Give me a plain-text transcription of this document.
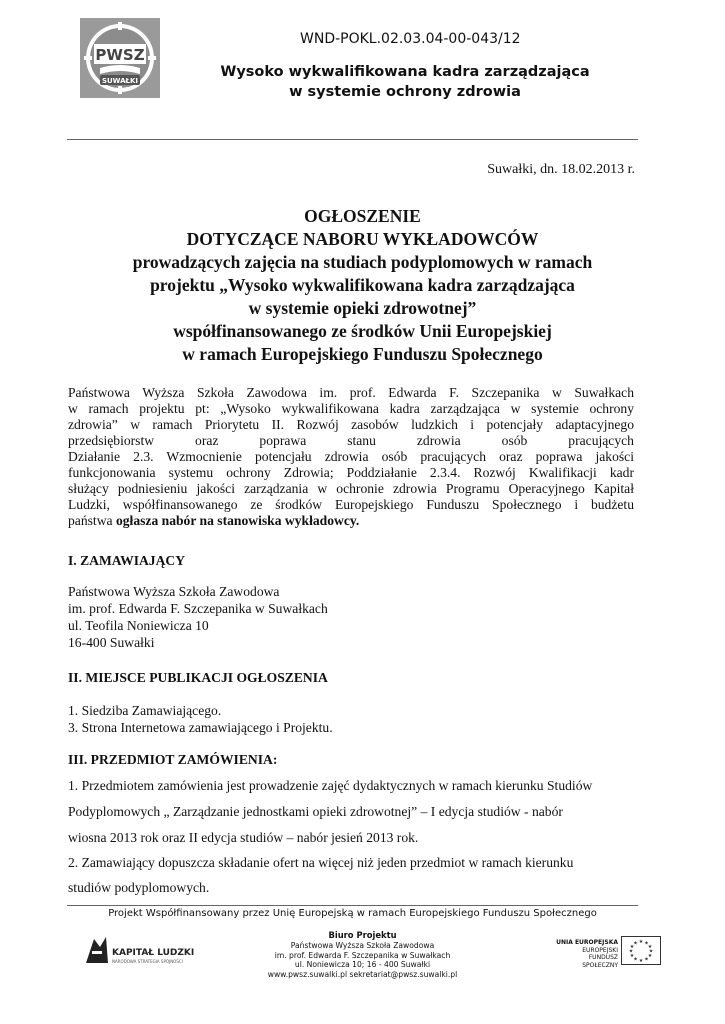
PWSZ
SUWAŁKI
WND-POKL.02.03.04-00-043/12
Wysoko wykwalifikowana kadra zarządzająca
w systemie ochrony zdrowia
Suwałki, dn. 18.02.2013 r.
OGŁOSZENIE
DOTYCZĄCE NABORU WYKŁADOWCÓW
prowadzących zajęcia na studiach podyplomowych w ramach
projektu „Wysoko wykwalifikowana kadra zarządzająca
w systemie opieki zdrowotnej”
współfinansowanego ze środków Unii Europejskiej
w ramach Europejskiego Funduszu Społecznego
Państwowa Wyższa Szkoła Zawodowa im. prof. Edwarda F. Szczepanika w Suwałkach
w ramach projektu pt: „Wysoko wykwalifikowana kadra zarządzająca w systemie ochrony
zdrowia” w ramach Priorytetu II. Rozwój zasobów ludzkich i potencjały adaptacyjnego
przedsiębiorstw	oraz	poprawa	stanu	zdrowia	osób	pracujących
Działanie 2.3. Wzmocnienie potencjału zdrowia osób pracujących oraz poprawa jakości
funkcjonowania systemu ochrony Zdrowia; Poddziałanie 2.3.4. Rozwój Kwalifikacji kadr
służący podniesieniu jakości zarządzania w ochronie zdrowia Programu Operacyjnego Kapitał
Ludzki, współfinansowanego ze środków Europejskiego Funduszu Społecznego i budżetu
państwa ogłasza nabór na stanowiska wykładowcy.
I. ZAMAWIAJĄCY
Państwowa Wyższa Szkoła Zawodowa
im. prof. Edwarda F. Szczepanika w Suwałkach
ul. Teofila Noniewicza 10
16-400 Suwałki
II. MIEJSCE PUBLIKACJI OGŁOSZENIA
1. Siedziba Zamawiającego.
3. Strona Internetowa zamawiającego i Projektu.
III. PRZEDMIOT ZAMÓWIENIA:
1. Przedmiotem zamówienia jest prowadzenie zajęć dydaktycznych w ramach kierunku Studiów
Podyplomowych „ Zarządzanie jednostkami opieki zdrowotnej” – I edycja studiów - nabór
wiosna 2013 rok oraz II edycja studiów – nabór jesień 2013 rok.
2. Zamawiający dopuszcza składanie ofert na więcej niż jeden przedmiot w ramach kierunku
studiów podyplomowych.
Projekt Współfinansowany przez Unię Europejską w ramach Europejskiego Funduszu Społecznego
KAPITAŁ LUDZKI
NARODOWA STRATEGIA SPÓJNOŚCI
Biuro Projektu
Państwowa Wyższa Szkoła Zawodowa
im. prof. Edwarda F. Szczepanika w Suwałkach
ul. Noniewicza 10; 16 - 400 Suwałki
www.pwsz.suwalki.pl sekretariat@pwsz.suwalki.pl
UNIA EUROPEJSKA
EUROPEJSKI
FUNDUSZ SPOŁECZNY
★ ★
★
★
★
★
★
★
★
★
★
★
